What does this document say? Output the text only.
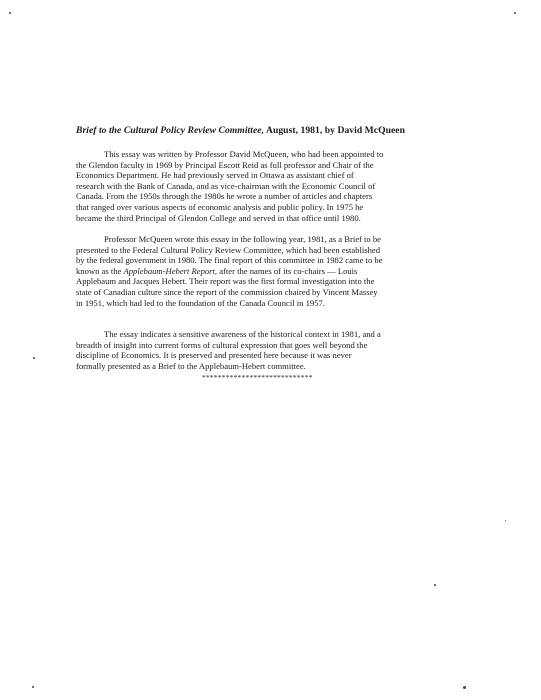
Brief to the Cultural Policy Review Committee, August, 1981, by David McQueen

This essay was written by Professor David McQueen, who had been appointed to
the Glendon faculty in 1969 by Principal Escott Reid as full professor and Chair of the
Economics Department. He had previously served in Ottawa as assistant chief of
research with the Bank of Canada, and as vice-chairman with the Economic Council of
Canada. From the 1950s through the 1980s he wrote a number of articles and chapters
that ranged over various aspects of economic analysis and public policy. In 1975 he
became the third Principal of Glendon College and served in that office until 1980.

Professor McQueen wrote this essay in the following year, 1981, as a Brief to be
presented to the Federal Cultural Policy Review Committee, which had been established
by the federal government in 1980. The final report of this committee in 1982 came to be
known as the Applebaum-Hebert Report, after the names of its co-chairs — Louis
Applebaum and Jacques Hebert. Their report was the first formal investigation into the
state of Canadian culture since the report of the commission chaired by Vincent Massey
in 1951, which had led to the foundation of the Canada Council in 1957.

The essay indicates a sensitive awareness of the historical context in 1981, and a
breadth of insight into current forms of cultural expression that goes well beyond the
discipline of Economics. It is preserved and presented here because it was never
formally presented as a Brief to the Applebaum-Hebert committee.

****************************
